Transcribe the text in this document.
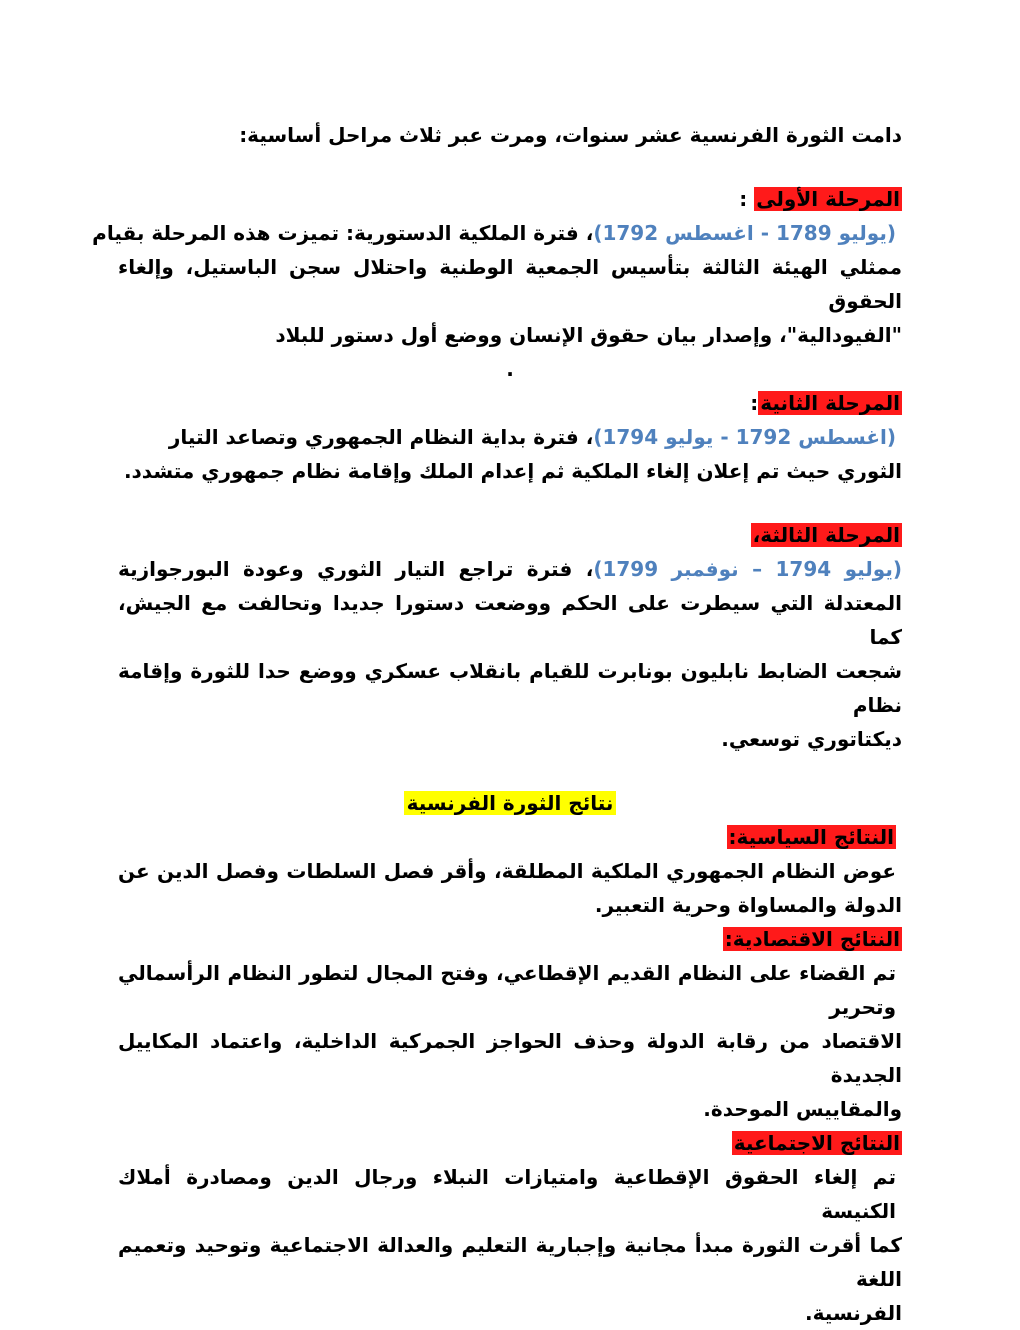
دامت الثورة الفرنسية عشر سنوات، ومرت عبر ثلاث مراحل أساسية:
المرحلة الأولى :
(يوليو 1789 - اغسطس 1792)، فترة الملكية الدستورية: تميزت هذه المرحلة بقيام
ممثلي الهيئة الثالثة بتأسيس الجمعية الوطنية واحتلال سجن الباستيل، وإلغاء الحقوق
"الفيودالية"، وإصدار بيان حقوق الإنسان ووضع أول دستور للبلاد
.
المرحلة الثانية:
(اغسطس 1792 - يوليو 1794)، فترة بداية النظام الجمهوري وتصاعد التيار
الثوري حيث تم إعلان إلغاء الملكية ثم إعدام الملك وإقامة نظام جمهوري متشدد.
المرحلة الثالثة،
(يوليو 1794 – نوفمبر 1799)، فترة تراجع التيار الثوري وعودة البورجوازية
المعتدلة التي سيطرت على الحكم ووضعت دستورا جديدا وتحالفت مع الجيش، كما
شجعت الضابط نابليون بونابرت للقيام بانقلاب عسكري ووضع حدا للثورة وإقامة نظام
ديكتاتوري توسعي.
نتائج الثورة الفرنسية
النتائج السياسية:
عوض النظام الجمهوري الملكية المطلقة، وأقر فصل السلطات وفصل الدين عن
الدولة والمساواة وحرية التعبير.
النتائج الاقتصادية:
تم القضاء على النظام القديم الإقطاعي، وفتح المجال لتطور النظام الرأسمالي وتحرير
الاقتصاد من رقابة الدولة وحذف الحواجز الجمركية الداخلية، واعتماد المكاييل الجديدة
والمقاييس الموحدة.
النتائج الاجتماعية
تم إلغاء الحقوق الإقطاعية وامتيازات النبلاء ورجال الدين ومصادرة أملاك الكنيسة
كما أقرت الثورة مبدأ مجانية وإجبارية التعليم والعدالة الاجتماعية وتوحيد وتعميم اللغة
الفرنسية.
